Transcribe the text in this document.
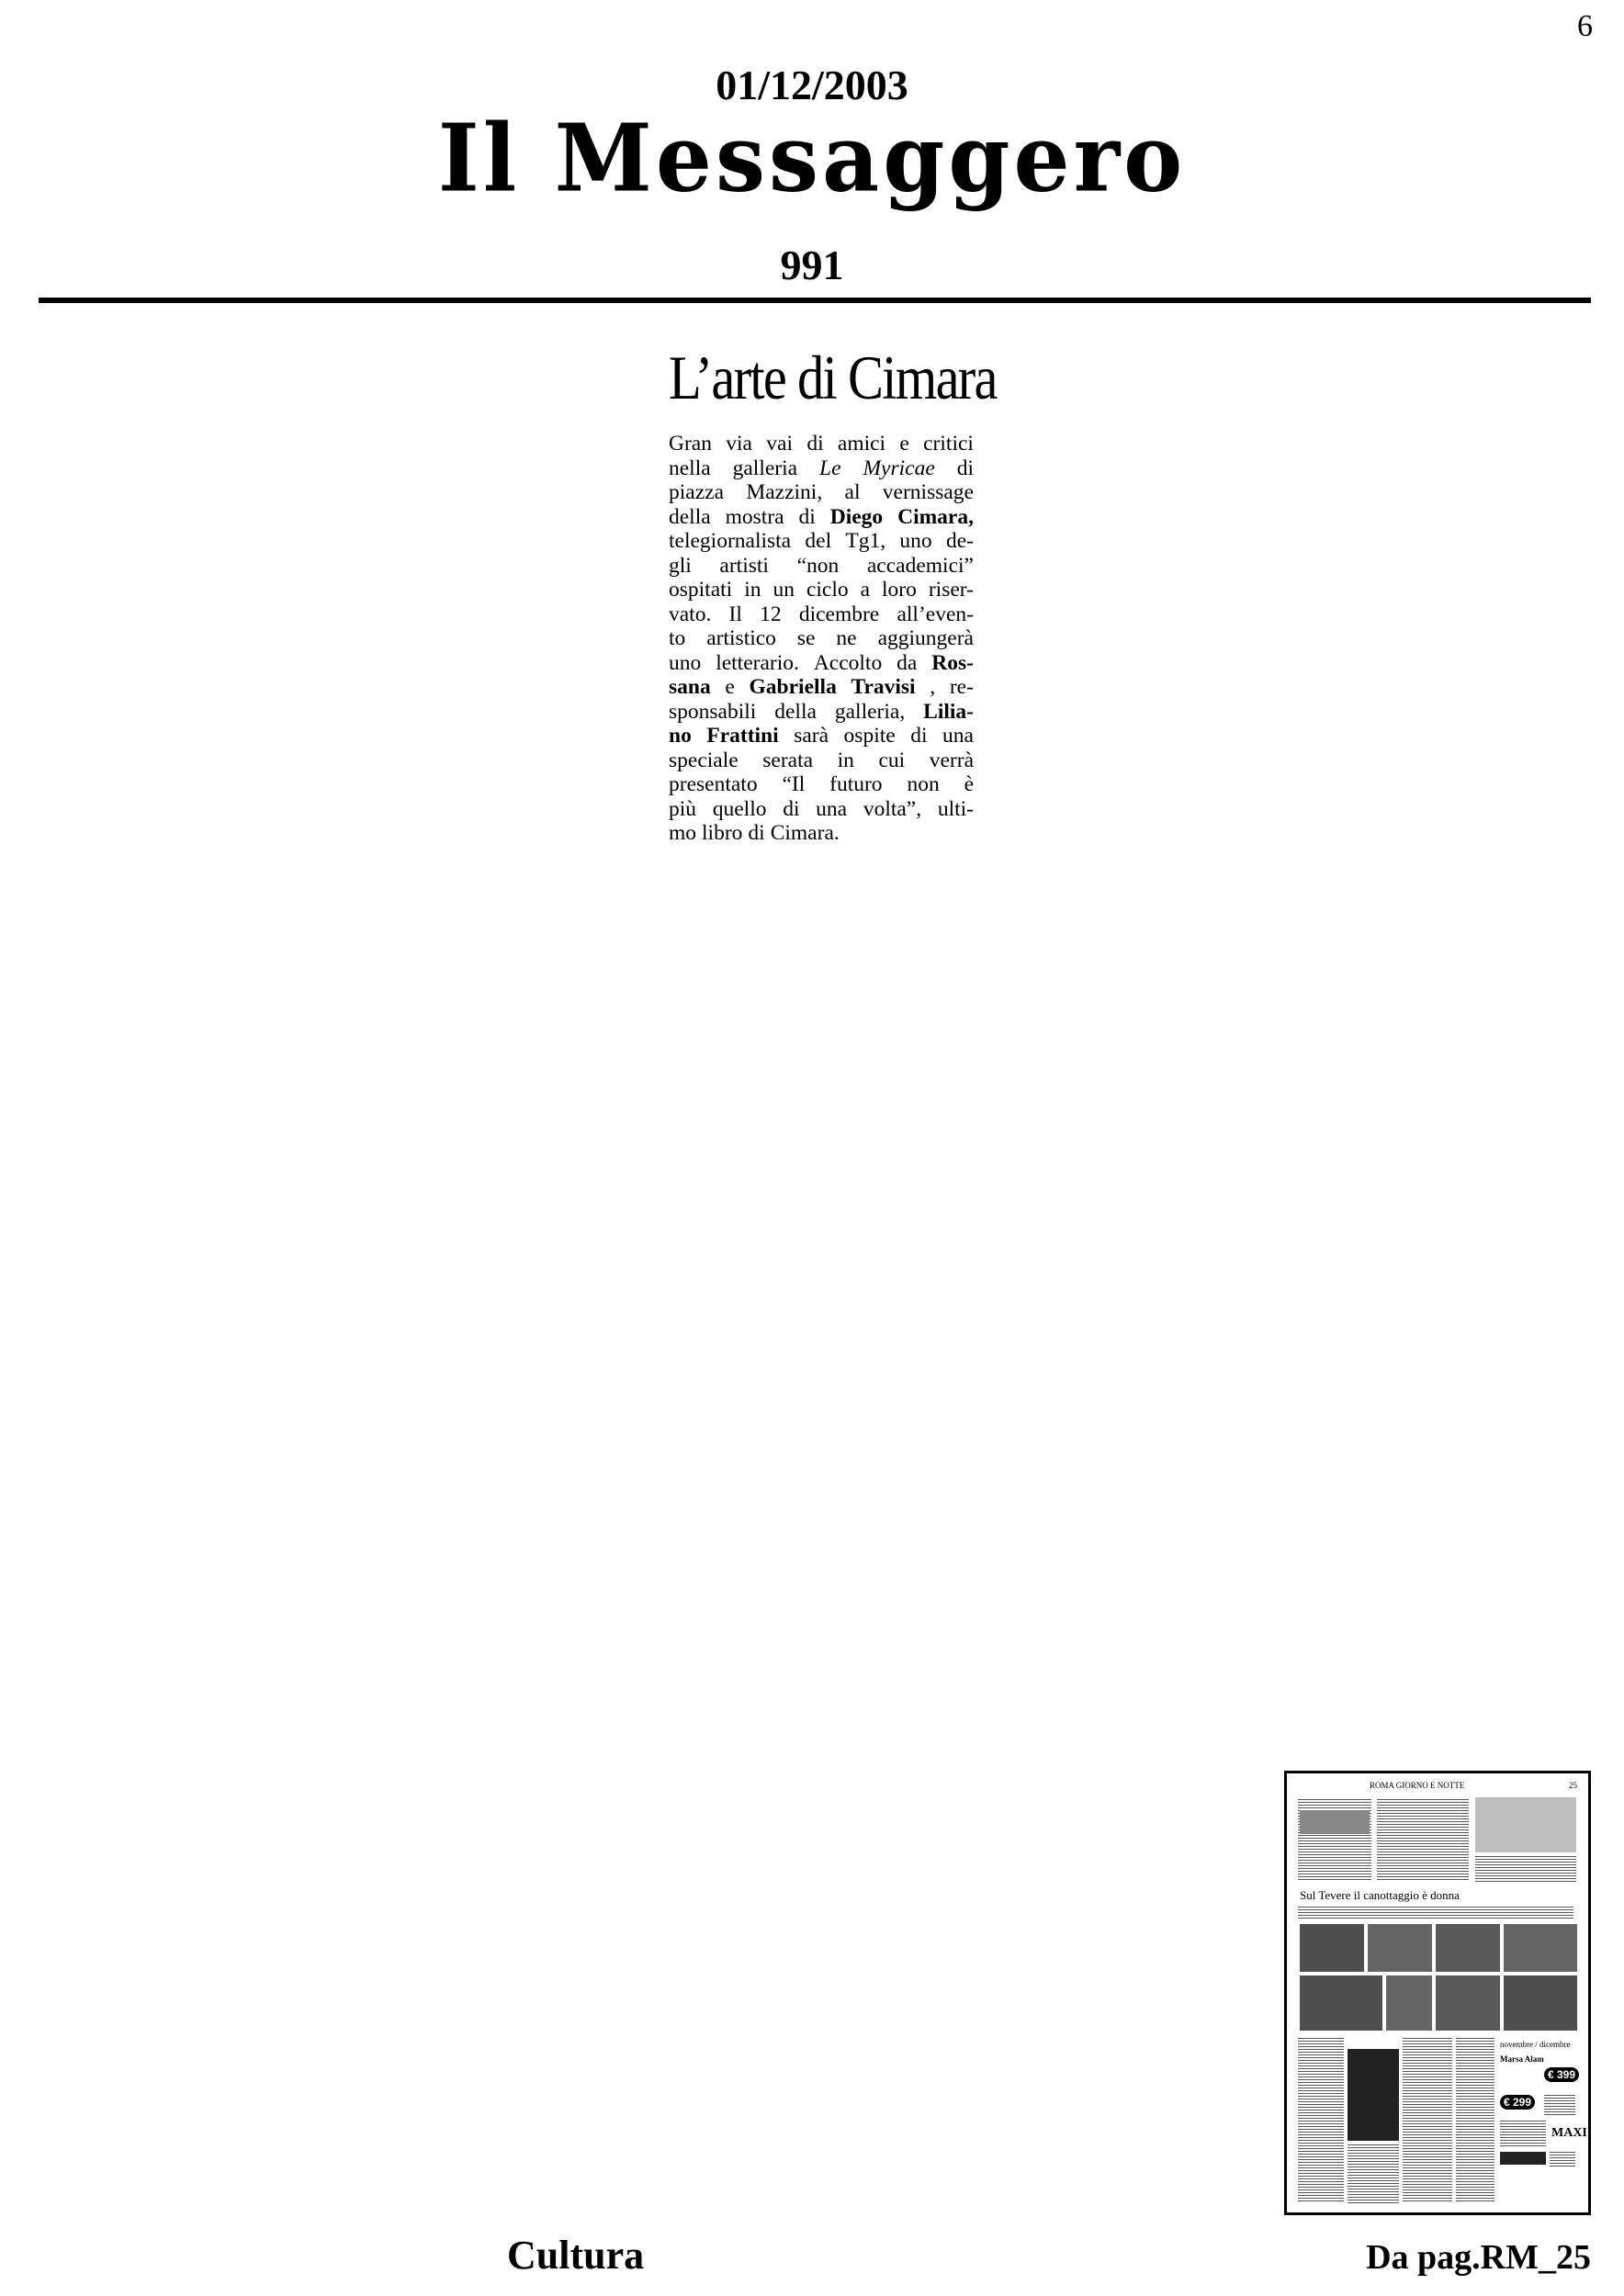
6
01/12/2003
Il Messaggero
991
L’arte di Cimara
Gran via vai di amici e critici
nella galleria Le Myricae di
piazza Mazzini, al vernissage
della mostra di Diego Cimara,
telegiornalista del Tg1, uno de-
gli artisti “non accademici”
ospitati in un ciclo a loro riser-
vato. Il 12 dicembre all’even-
to artistico se ne aggiungerà
uno letterario. Accolto da Ros-
sana e Gabriella Travisi , re-
sponsabili della galleria, Lilia-
no Frattini sarà ospite di una
speciale serata in cui verrà
presentato “Il futuro non è
più quello di una volta”, ulti-
mo libro di Cimara.
ROMA GIORNO E NOTTE	25
Sul Tevere il canottaggio è donna
novembre / dicembre
Marsa Alam
€ 399
€ 299
MAXI
Cultura	Da pag.RM_25
